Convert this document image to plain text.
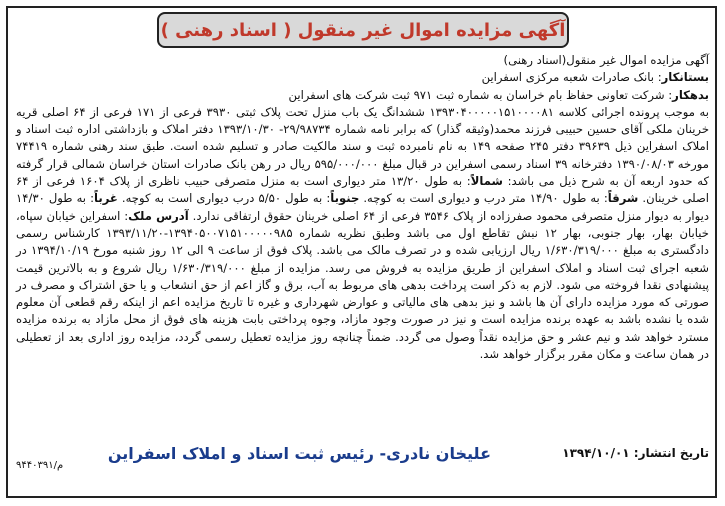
آگهی مزایده اموال غیر منقول ( اسناد رهنی )

آگهی مزایده اموال غیر منقول(اسناد رهنی)

بستانکار: بانک صادرات شعبه مرکزی اسفراین

بدهکار: شرکت تعاونی حفاظ بام خراسان به شماره ثبت ۹۷۱ ثبت شرکت های اسفراین

به موجب پرونده اجرائی کلاسه ۱۳۹۳۰۴۰۰۰۰۰۱۵۱۰۰۰۰۸۱ ششدانگ یک باب منزل تحت پلاک ثبتی ۳۹۳۰ فرعی از ۱۷۱ فرعی از ۶۴ اصلی قریه خرینان ملکی آقای حسین حبیبی فرزند محمد(وثیقه گذار) که برابر نامه شماره ۲۹/۹۸۷۳۴- ۱۳۹۳/۱۰/۳۰ دفتر املاک و بازداشتی اداره ثبت اسناد و املاک اسفراین ذیل ۳۹۶۳۹ دفتر ۲۴۵ صفحه ۱۴۹ به نام نامبرده ثبت و سند مالکیت صادر و تسلیم شده است. طبق سند رهنی شماره ۷۴۴۱۹ مورخه ۱۳۹۰/۰۸/۰۳ دفترخانه ۳۹ اسناد رسمی اسفراین در قبال مبلغ ۵۹۵/۰۰۰/۰۰۰ ریال در رهن بانک صادرات استان خراسان شمالی قرار گرفته که حدود اربعه آن به شرح ذیل می باشد: شمالاً: به طول ۱۳/۲۰ متر دیواری است به منزل متصرفی حبیب ناظری از پلاک ۱۶۰۴ فرعی از ۶۴ اصلی خرینان. شرقاً: به طول ۱۴/۹۰ متر درب و دیواری است به کوچه. جنوباً: به طول ۵/۵۰ درب دیواری است به کوچه. غرباً: به طول ۱۴/۳۰ دیوار به دیوار منزل متصرفی محمود صفرزاده از پلاک ۳۵۴۶ فرعی از ۶۴ اصلی خرینان حقوق ارتفاقی ندارد. آدرس ملک: اسفراین خیابان سپاه، خیابان بهار، بهار جنوبی، بهار ۱۲ نبش تقاطع اول می باشد وطبق نظریه شماره ۱۳۹۴۰۵۰۰۷۱۵۱۰۰۰۰۰۹۸۵-۱۳۹۳/۱۱/۲۰ کارشناس رسمی دادگستری به مبلغ ۱/۶۳۰/۳۱۹/۰۰۰ ریال ارزیابی شده و در تصرف مالک می باشد. پلاک فوق از ساعت ۹ الی ۱۲ روز شنبه مورخ ۱۳۹۴/۱۰/۱۹ در شعبه اجرای ثبت اسناد و املاک اسفراین از طریق مزایده به فروش می رسد. مزایده از مبلغ ۱/۶۳۰/۳۱۹/۰۰۰ ریال شروع و به بالاترین قیمت پیشنهادی نقدا فروخته می شود. لازم به ذکر است پرداخت بدهی های مربوط به آب، برق و گاز اعم از حق انشعاب و یا حق اشتراک و مصرف در صورتی که مورد مزایده دارای آن ها باشد و نیز بدهی های مالیاتی و عوارض شهرداری و غیره تا تاریخ مزایده اعم از اینکه رقم قطعی آن معلوم شده یا نشده باشد به عهده برنده مزایده است و نیز در صورت وجود مازاد، وجوه پرداختی بابت هزینه های فوق از محل مازاد به برنده مزایده مسترد خواهد شد و نیم عشر و حق مزایده نقداً وصول می گردد. ضمناً چنانچه روز مزایده تعطیل رسمی گردد، مزایده روز اداری بعد از تعطیلی در همان ساعت و مکان مقرر برگزار خواهد شد.

تاریخ انتشار: ۱۳۹۴/۱۰/۰۱
علیخان نادری- رئیس ثبت اسناد و املاک اسفراین
۹۴۴۰۳۹۱/م
